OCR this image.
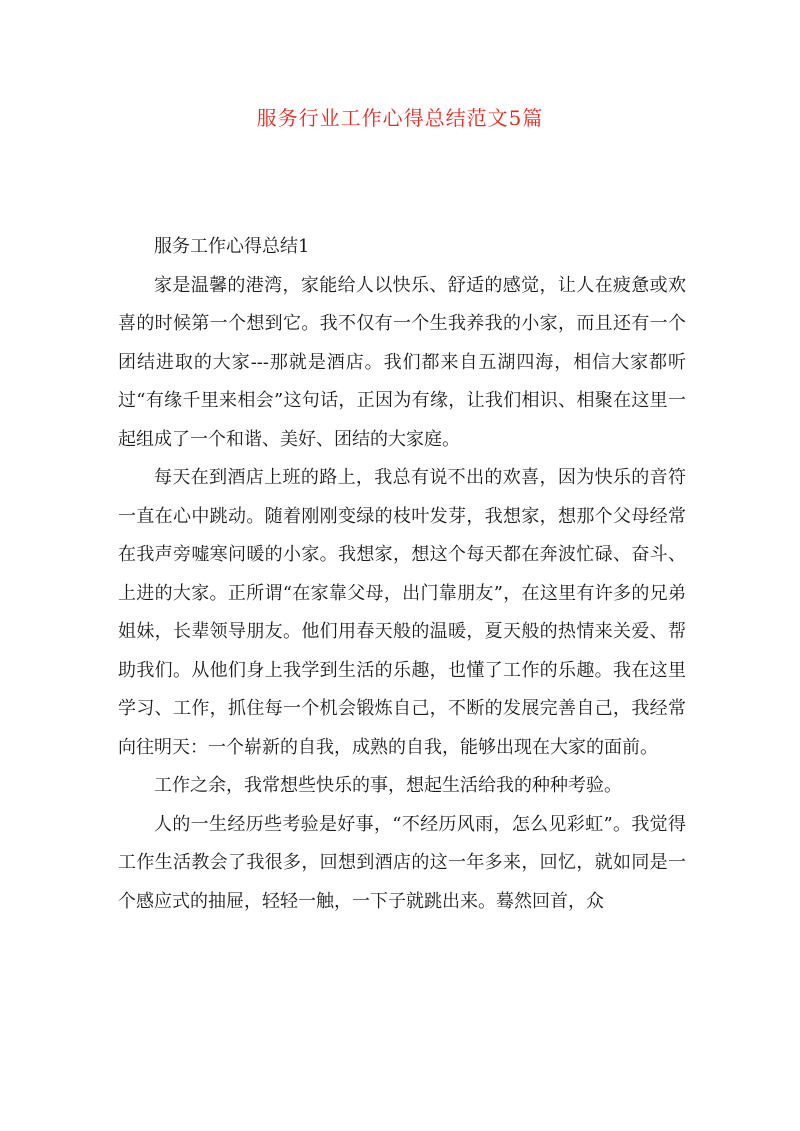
服务行业工作心得总结范文5篇

服务工作心得总结1

家是温馨的港湾，家能给人以快乐、舒适的感觉，让人在疲惫或欢喜的时候第一个想到它。我不仅有一个生我养我的小家，而且还有一个团结进取的大家---那就是酒店。我们都来自五湖四海，相信大家都听过“有缘千里来相会”这句话，正因为有缘，让我们相识、相聚在这里一起组成了一个和谐、美好、团结的大家庭。

每天在到酒店上班的路上，我总有说不出的欢喜，因为快乐的音符一直在心中跳动。随着刚刚变绿的枝叶发芽，我想家，想那个父母经常在我声旁嘘寒问暖的小家。我想家，想这个每天都在奔波忙碌、奋斗、上进的大家。正所谓“在家靠父母，出门靠朋友”，在这里有许多的兄弟姐妹，长辈领导朋友。他们用春天般的温暖，夏天般的热情来关爱、帮助我们。从他们身上我学到生活的乐趣，也懂了工作的乐趣。我在这里学习、工作，抓住每一个机会锻炼自己，不断的发展完善自己，我经常向往明天：一个崭新的自我，成熟的自我，能够出现在大家的面前。

工作之余，我常想些快乐的事，想起生活给我的种种考验。

人的一生经历些考验是好事，“不经历风雨，怎么见彩虹”。我觉得工作生活教会了我很多，回想到酒店的这一年多来，回忆，就如同是一个感应式的抽屉，轻轻一触，一下子就跳出来。蓦然回首，众
